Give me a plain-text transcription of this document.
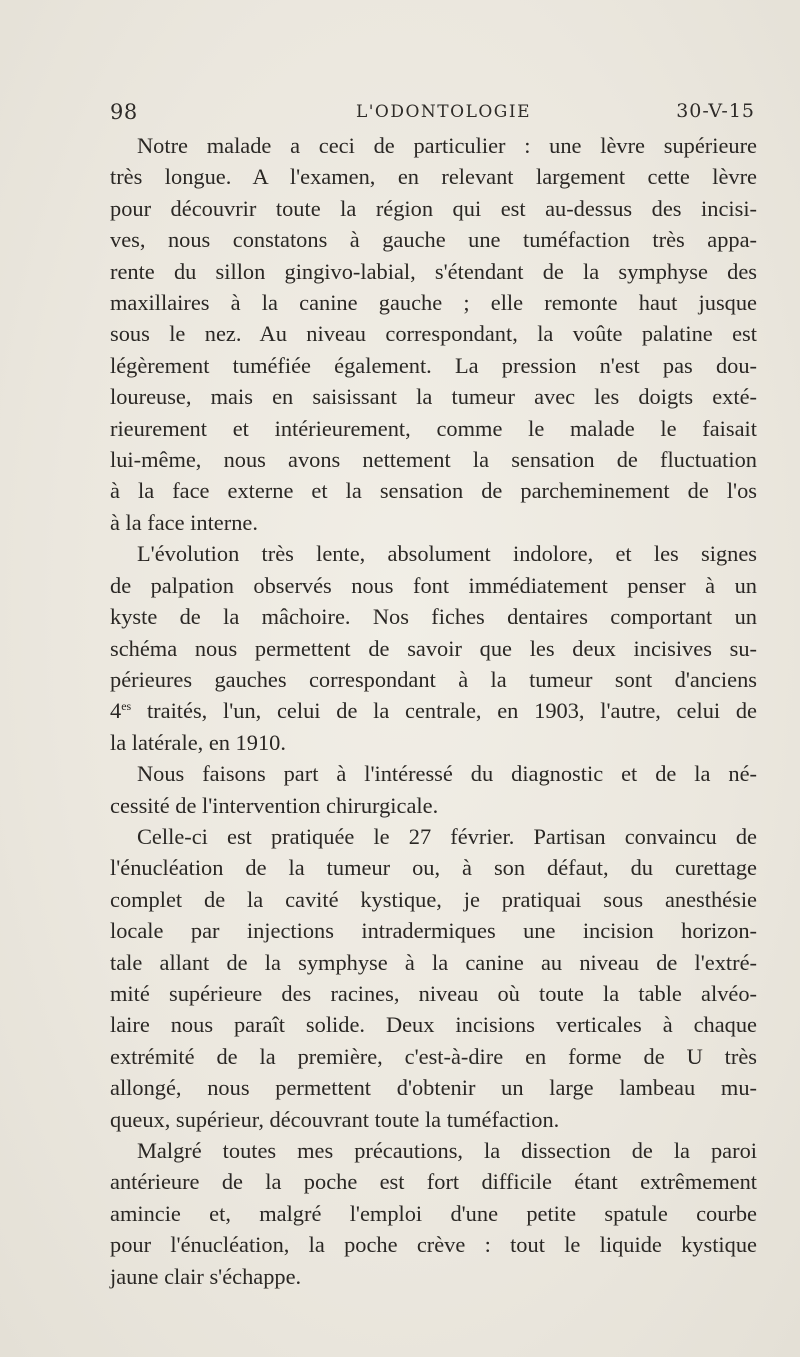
98	L'ODONTOLOGIE	30-V-15

Notre malade a ceci de particulier : une lèvre supérieure
très longue. A l'examen, en relevant largement cette lèvre
pour découvrir toute la région qui est au-dessus des incisi-
ves, nous constatons à gauche une tuméfaction très appa-
rente du sillon gingivo-labial, s'étendant de la symphyse des
maxillaires à la canine gauche ; elle remonte haut jusque
sous le nez. Au niveau correspondant, la voûte palatine est
légèrement tuméfiée également. La pression n'est pas dou-
loureuse, mais en saisissant la tumeur avec les doigts exté-
rieurement et intérieurement, comme le malade le faisait
lui-même, nous avons nettement la sensation de fluctuation
à la face externe et la sensation de parcheminement de l'os
à la face interne.

L'évolution très lente, absolument indolore, et les signes
de palpation observés nous font immédiatement penser à un
kyste de la mâchoire. Nos fiches dentaires comportant un
schéma nous permettent de savoir que les deux incisives su-
périeures gauches correspondant à la tumeur sont d'anciens
$4^{es}$ traités, l'un, celui de la centrale, en 1903, l'autre, celui de
la latérale, en 1910.

Nous faisons part à l'intéressé du diagnostic et de la né-
cessité de l'intervention chirurgicale.

Celle-ci est pratiquée le 27 février. Partisan convaincu de
l'énucléation de la tumeur ou, à son défaut, du curettage
complet de la cavité kystique, je pratiquai sous anesthésie
locale par injections intradermiques une incision horizon-
tale allant de la symphyse à la canine au niveau de l'extré-
mité supérieure des racines, niveau où toute la table alvéo-
laire nous paraît solide. Deux incisions verticales à chaque
extrémité de la première, c'est-à-dire en forme de U très
allongé, nous permettent d'obtenir un large lambeau mu-
queux, supérieur, découvrant toute la tuméfaction.

Malgré toutes mes précautions, la dissection de la paroi
antérieure de la poche est fort difficile étant extrêmement
amincie et, malgré l'emploi d'une petite spatule courbe
pour l'énucléation, la poche crève : tout le liquide kystique
jaune clair s'échappe.
